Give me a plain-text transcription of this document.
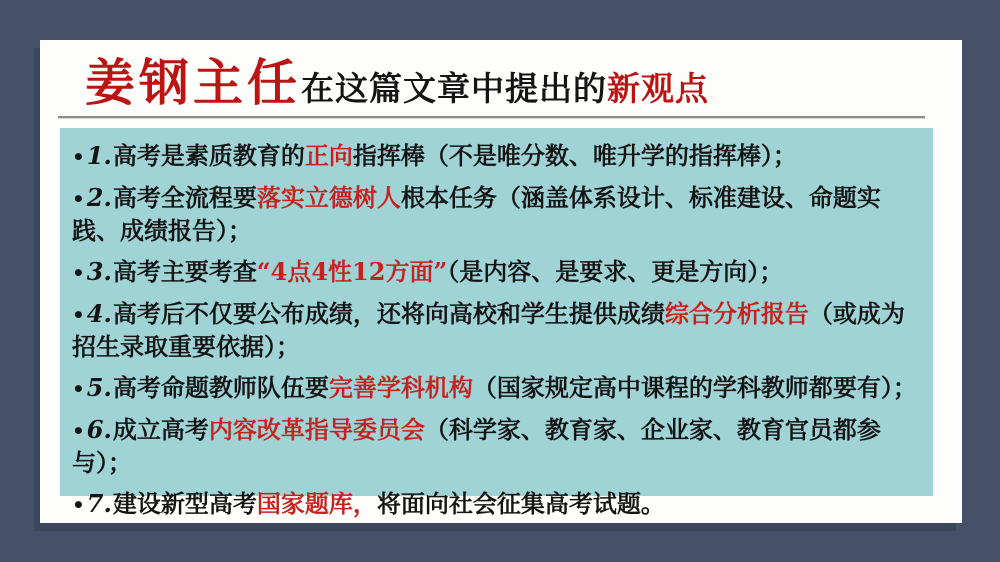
姜钢主任 在这篇文章中提出的 新观点
•1.高考是素质教育的正向指挥棒（不是唯分数、唯升学的指挥棒）；
•2.高考全流程要落实立德树人根本任务（涵盖体系设计、标准建设、命题实践、成绩报告）；
•3.高考主要考查“4点4性12方面”（是内容、是要求、更是方向）；
•4.高考后不仅要公布成绩，还将向高校和学生提供成绩综合分析报告（或成为招生录取重要依据）；
•5.高考命题教师队伍要完善学科机构（国家规定高中课程的学科教师都要有）；
•6.成立高考内容改革指导委员会（科学家、教育家、企业家、教育官员都参与）；
•7.建设新型高考国家题库，将面向社会征集高考试题。
